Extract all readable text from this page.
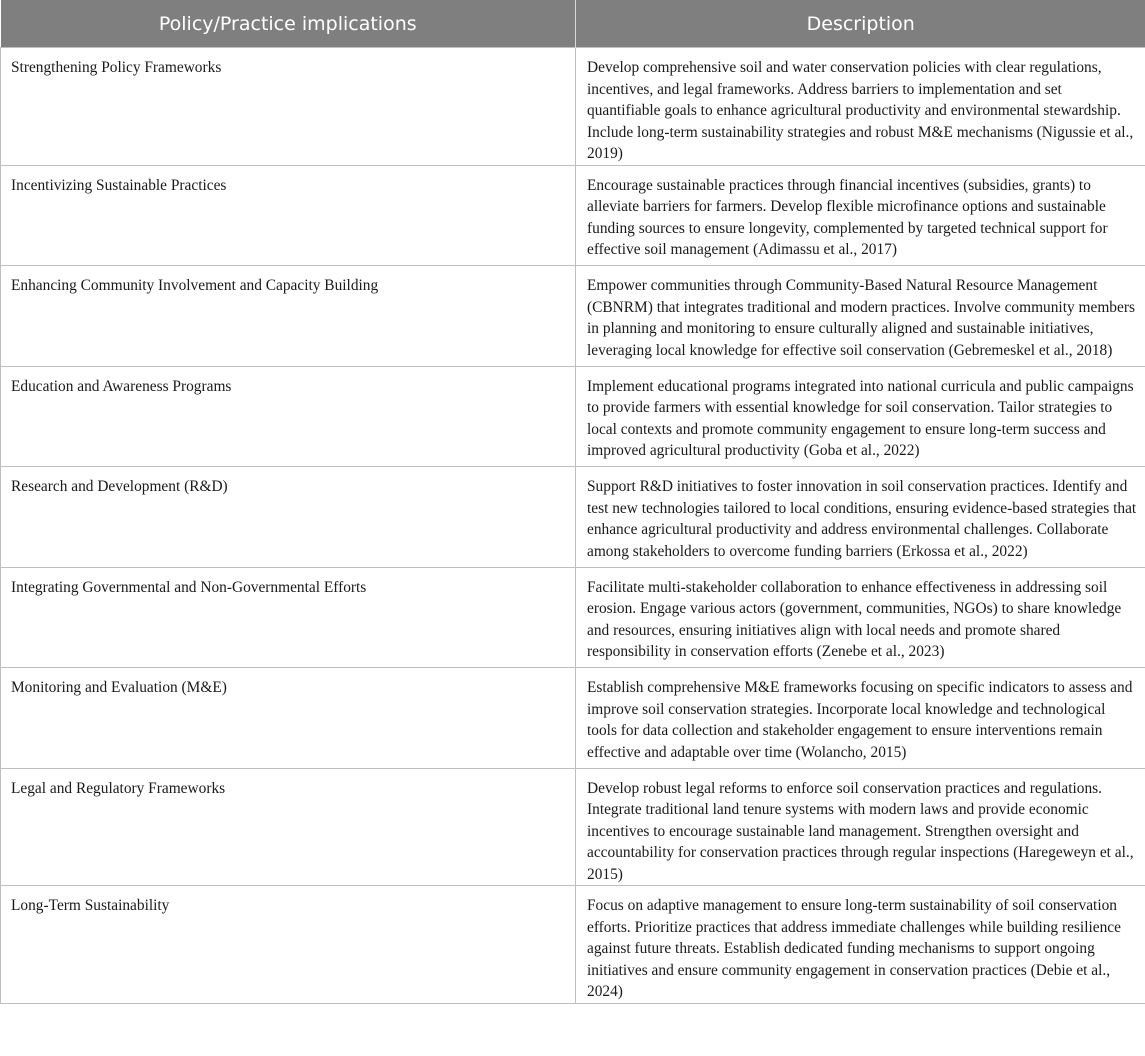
Policy/Practice implications	Description
Strengthening Policy Frameworks	Develop comprehensive soil and water conservation policies with clear regulations, incentives, and legal frameworks. Address barriers to implementation and set quantifiable goals to enhance agricultural productivity and environmental stewardship. Include long-term sustainability strategies and robust M&E mechanisms (Nigussie et al., 2019)
Incentivizing Sustainable Practices	Encourage sustainable practices through financial incentives (subsidies, grants) to alleviate barriers for farmers. Develop flexible microfinance options and sustainable funding sources to ensure longevity, complemented by targeted technical support for effective soil management (Adimassu et al., 2017)
Enhancing Community Involvement and Capacity Building	Empower communities through Community-Based Natural Resource Management (CBNRM) that integrates traditional and modern practices. Involve community members in planning and monitoring to ensure culturally aligned and sustainable initiatives, leveraging local knowledge for effective soil conservation (Gebremeskel et al., 2018)
Education and Awareness Programs	Implement educational programs integrated into national curricula and public campaigns to provide farmers with essential knowledge for soil conservation. Tailor strategies to local contexts and promote community engagement to ensure long-term success and improved agricultural productivity (Goba et al., 2022)
Research and Development (R&D)	Support R&D initiatives to foster innovation in soil conservation practices. Identify and test new technologies tailored to local conditions, ensuring evidence-based strategies that enhance agricultural productivity and address environmental challenges. Collaborate among stakeholders to overcome funding barriers (Erkossa et al., 2022)
Integrating Governmental and Non-Governmental Efforts	Facilitate multi-stakeholder collaboration to enhance effectiveness in addressing soil erosion. Engage various actors (government, communities, NGOs) to share knowledge and resources, ensuring initiatives align with local needs and promote shared responsibility in conservation efforts (Zenebe et al., 2023)
Monitoring and Evaluation (M&E)	Establish comprehensive M&E frameworks focusing on specific indicators to assess and improve soil conservation strategies. Incorporate local knowledge and technological tools for data collection and stakeholder engagement to ensure interventions remain effective and adaptable over time (Wolancho, 2015)
Legal and Regulatory Frameworks	Develop robust legal reforms to enforce soil conservation practices and regulations. Integrate traditional land tenure systems with modern laws and provide economic incentives to encourage sustainable land management. Strengthen oversight and accountability for conservation practices through regular inspections (Haregeweyn et al., 2015)
Long-Term Sustainability	Focus on adaptive management to ensure long-term sustainability of soil conservation efforts. Prioritize practices that address immediate challenges while building resilience against future threats. Establish dedicated funding mechanisms to support ongoing initiatives and ensure community engagement in conservation practices (Debie et al., 2024)
